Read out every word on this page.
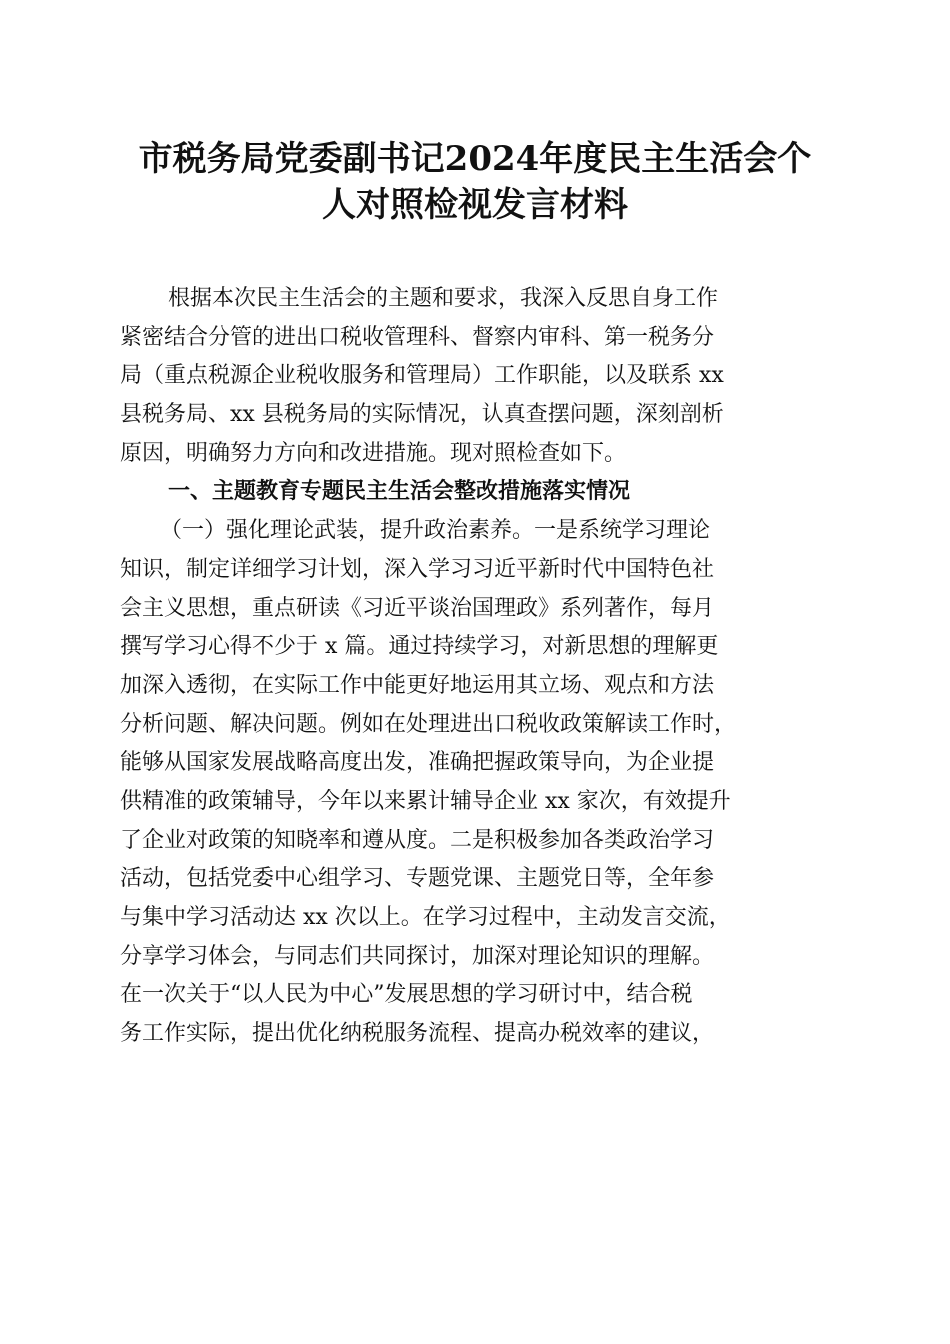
市税务局党委副书记2024年度民主生活会个
人对照检视发言材料
根据本次民主生活会的主题和要求，我深入反思自身工作
紧密结合分管的进出口税收管理科、督察内审科、第一税务分
局（重点税源企业税收服务和管理局）工作职能，以及联系 xx
县税务局、xx 县税务局的实际情况，认真查摆问题，深刻剖析
原因，明确努力方向和改进措施。现对照检查如下。
一、主题教育专题民主生活会整改措施落实情况
（一）强化理论武装，提升政治素养。一是系统学习理论
知识，制定详细学习计划，深入学习习近平新时代中国特色社
会主义思想，重点研读《习近平谈治国理政》系列著作，每月
撰写学习心得不少于 x 篇。通过持续学习，对新思想的理解更
加深入透彻，在实际工作中能更好地运用其立场、观点和方法
分析问题、解决问题。例如在处理进出口税收政策解读工作时，
能够从国家发展战略高度出发，准确把握政策导向，为企业提
供精准的政策辅导，今年以来累计辅导企业 xx 家次，有效提升
了企业对政策的知晓率和遵从度。二是积极参加各类政治学习
活动，包括党委中心组学习、专题党课、主题党日等，全年参
与集中学习活动达 xx 次以上。在学习过程中，主动发言交流，
分享学习体会，与同志们共同探讨，加深对理论知识的理解。
在一次关于“以人民为中心”发展思想的学习研讨中，结合税
务工作实际，提出优化纳税服务流程、提高办税效率的建议，
